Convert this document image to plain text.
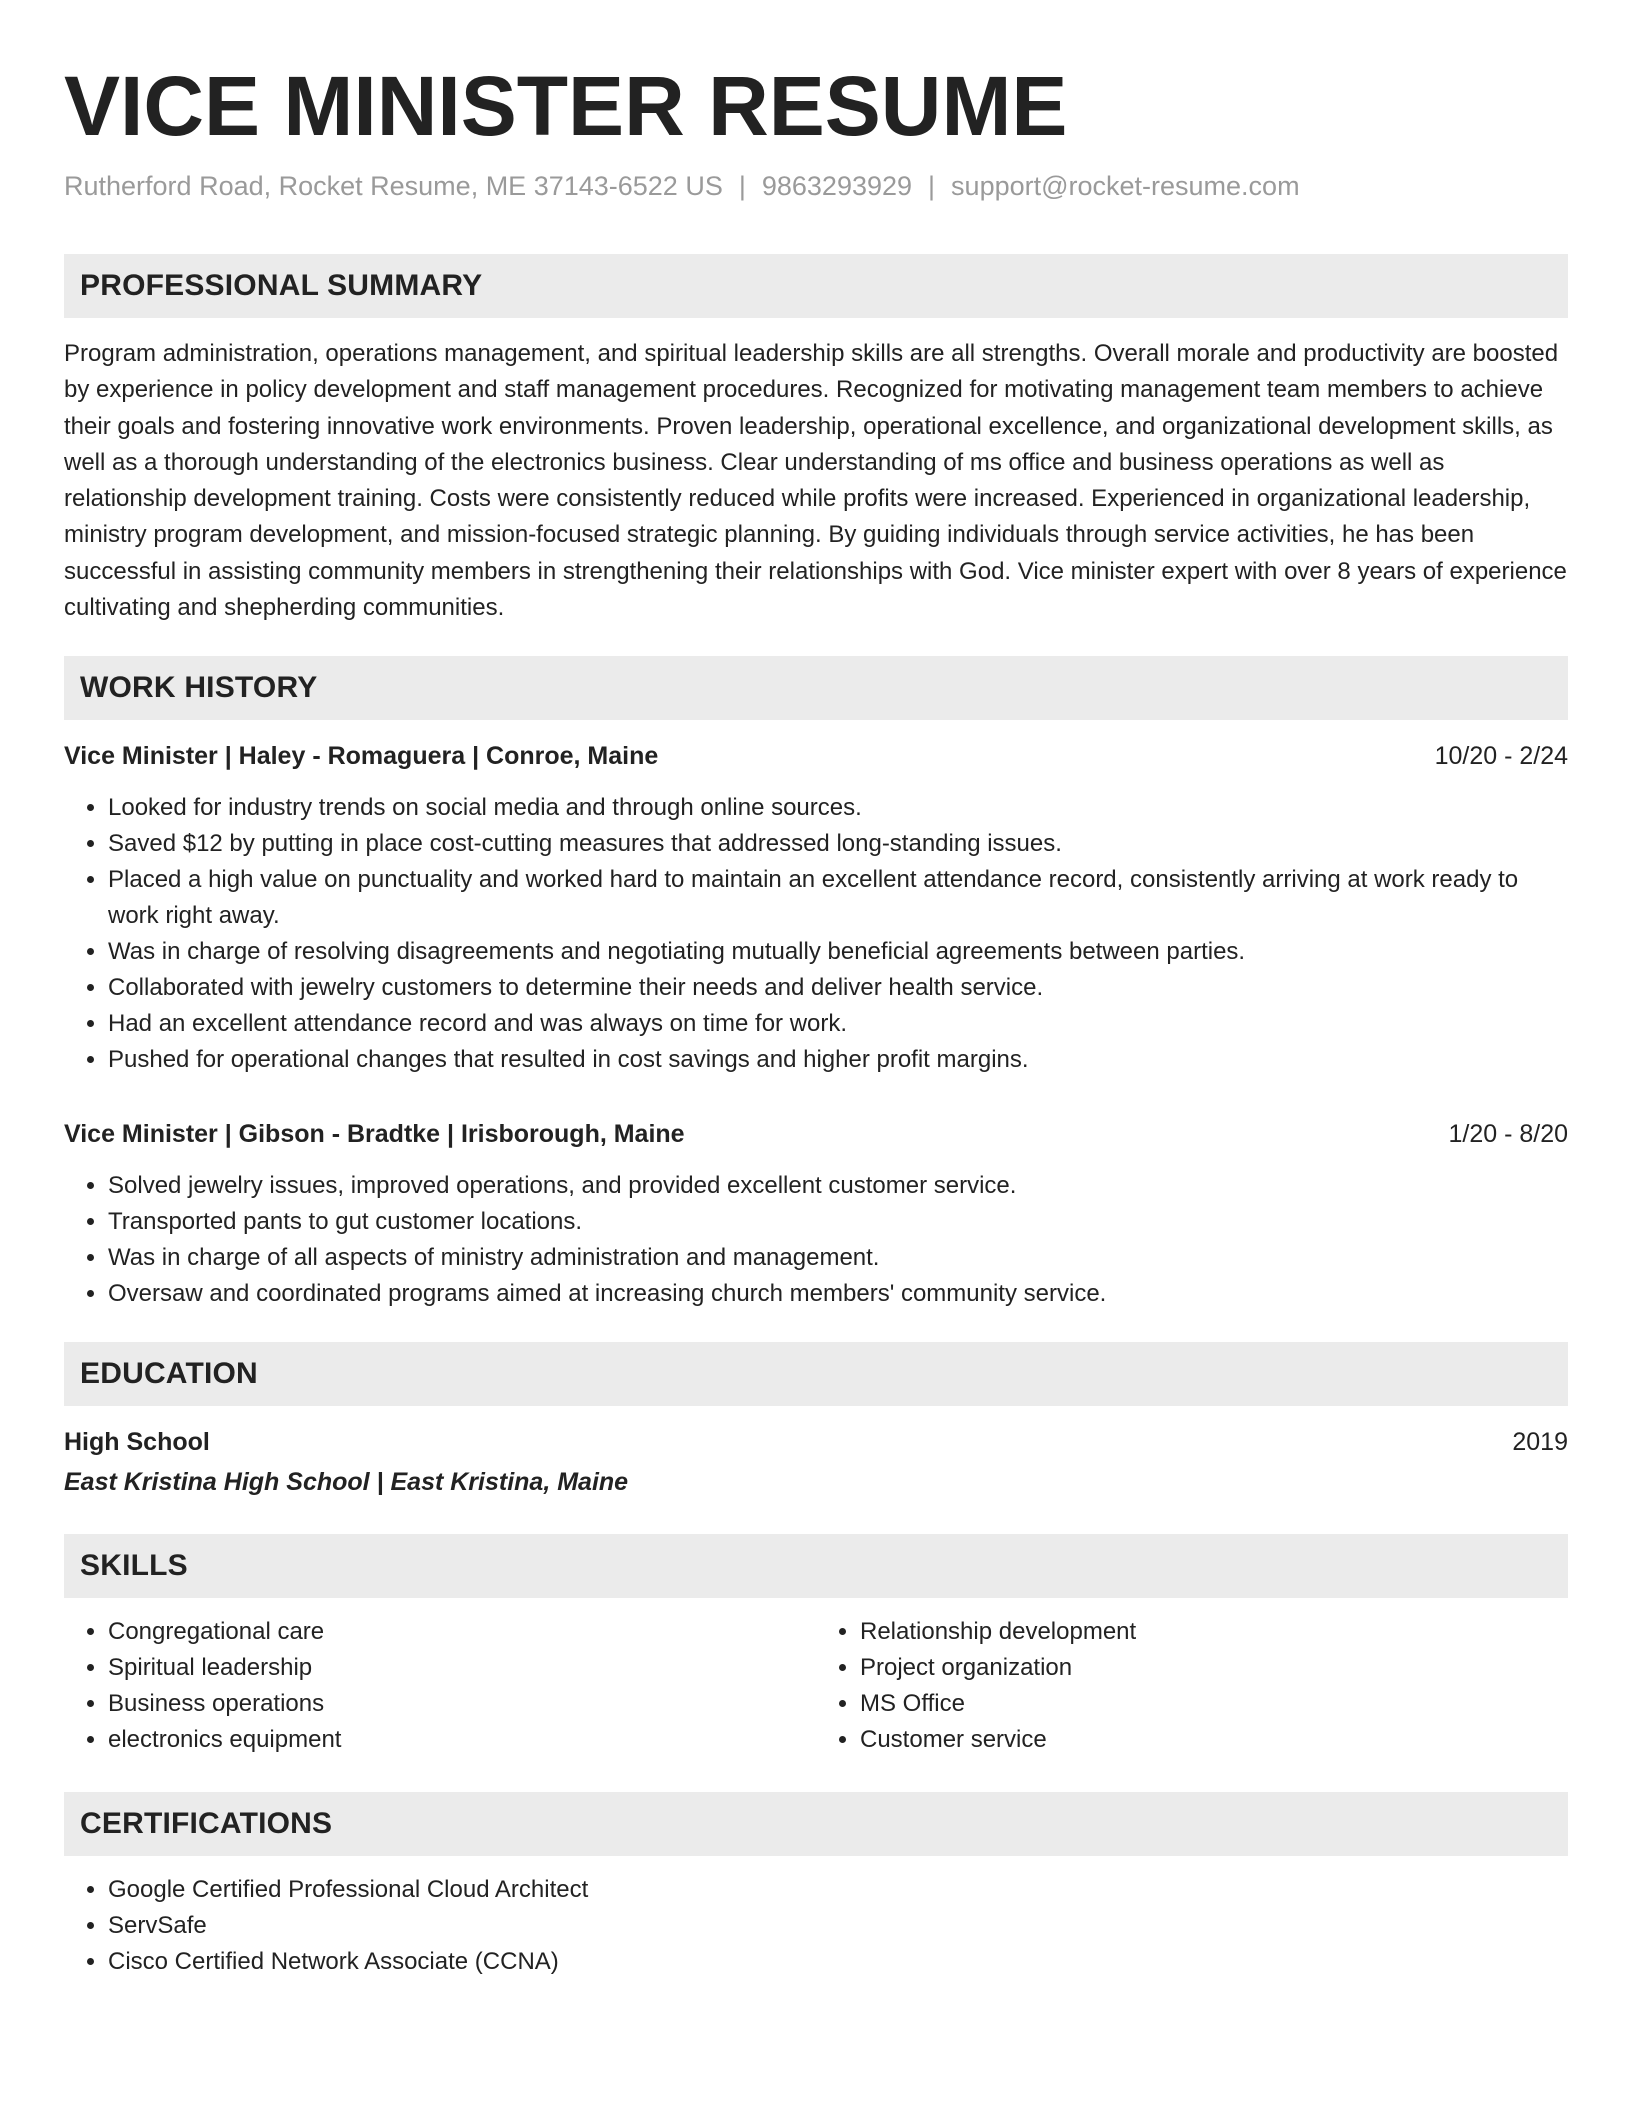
VICE MINISTER RESUME
Rutherford Road, Rocket Resume, ME 37143-6522 US | 9863293929 | support@rocket-resume.com
PROFESSIONAL SUMMARY

Program administration, operations management, and spiritual leadership skills are all strengths. Overall morale and productivity are boosted by experience in policy development and staff management procedures. Recognized for motivating management team members to achieve their goals and fostering innovative work environments. Proven leadership, operational excellence, and organizational development skills, as well as a thorough understanding of the electronics business. Clear understanding of ms office and business operations as well as relationship development training. Costs were consistently reduced while profits were increased. Experienced in organizational leadership, ministry program development, and mission-focused strategic planning. By guiding individuals through service activities, he has been successful in assisting community members in strengthening their relationships with God. Vice minister expert with over 8 years of experience cultivating and shepherding communities.

WORK HISTORY
Vice Minister | Haley - Romaguera | Conroe, Maine	10/20 - 2/24
• Looked for industry trends on social media and through online sources.
• Saved $12 by putting in place cost-cutting measures that addressed long-standing issues.
• Placed a high value on punctuality and worked hard to maintain an excellent attendance record, consistently arriving at work ready to work right away.
• Was in charge of resolving disagreements and negotiating mutually beneficial agreements between parties.
• Collaborated with jewelry customers to determine their needs and deliver health service.
• Had an excellent attendance record and was always on time for work.
• Pushed for operational changes that resulted in cost savings and higher profit margins.
Vice Minister | Gibson - Bradtke | Irisborough, Maine	1/20 - 8/20
• Solved jewelry issues, improved operations, and provided excellent customer service.
• Transported pants to gut customer locations.
• Was in charge of all aspects of ministry administration and management.
• Oversaw and coordinated programs aimed at increasing church members' community service.
EDUCATION
High School	2019
East Kristina High School | East Kristina, Maine
SKILLS
• Congregational care
• Spiritual leadership
• Business operations
• electronics equipment
• Relationship development
• Project organization
• MS Office
• Customer service
CERTIFICATIONS
• Google Certified Professional Cloud Architect
• ServSafe
• Cisco Certified Network Associate (CCNA)
